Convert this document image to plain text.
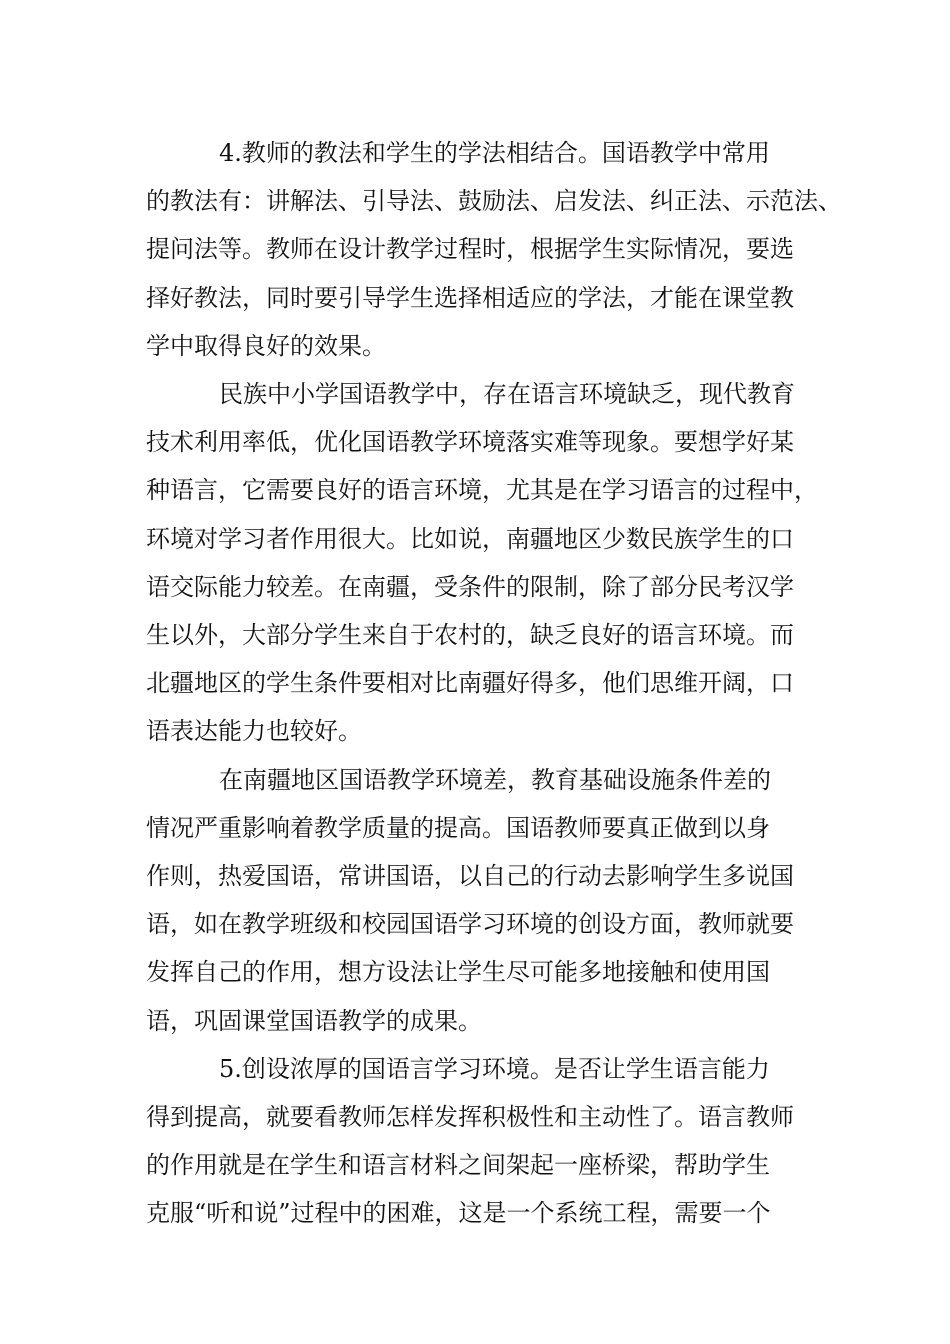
4.教师的教法和学生的学法相结合。国语教学中常用
的教法有：讲解法、引导法、鼓励法、启发法、纠正法、示范法、
提问法等。教师在设计教学过程时，根据学生实际情况，要选
择好教法，同时要引导学生选择相适应的学法，才能在课堂教
学中取得良好的效果。
民族中小学国语教学中，存在语言环境缺乏，现代教育
技术利用率低，优化国语教学环境落实难等现象。要想学好某
种语言，它需要良好的语言环境，尤其是在学习语言的过程中，
环境对学习者作用很大。比如说，南疆地区少数民族学生的口
语交际能力较差。在南疆，受条件的限制，除了部分民考汉学
生以外，大部分学生来自于农村的，缺乏良好的语言环境。而
北疆地区的学生条件要相对比南疆好得多，他们思维开阔，口
语表达能力也较好。
在南疆地区国语教学环境差，教育基础设施条件差的
情况严重影响着教学质量的提高。国语教师要真正做到以身
作则，热爱国语，常讲国语，以自己的行动去影响学生多说国
语，如在教学班级和校园国语学习环境的创设方面，教师就要
发挥自己的作用，想方设法让学生尽可能多地接触和使用国
语，巩固课堂国语教学的成果。
5.创设浓厚的国语言学习环境。是否让学生语言能力
得到提高，就要看教师怎样发挥积极性和主动性了。语言教师
的作用就是在学生和语言材料之间架起一座桥梁，帮助学生
克服“听和说”过程中的困难，这是一个系统工程，需要一个
